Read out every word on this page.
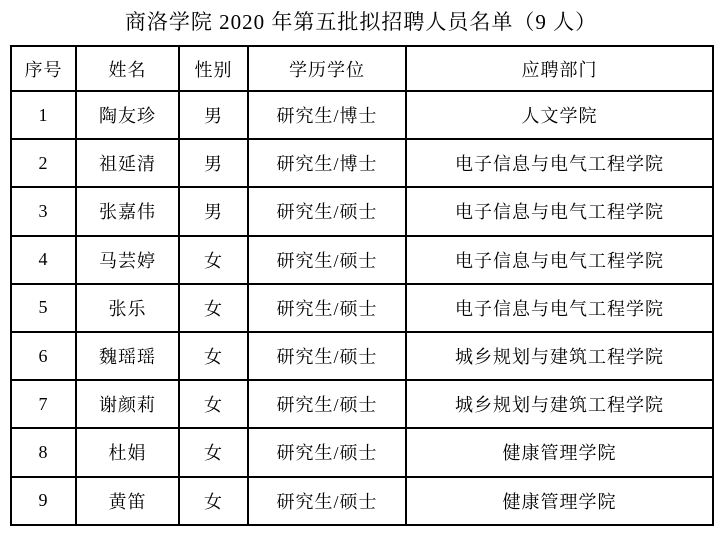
商洛学院 2020 年第五批拟招聘人员名单（9 人）
序号	姓名	性别	学历学位	应聘部门
1	陶友珍	男	研究生/博士	人文学院
2	祖延清	男	研究生/博士	电子信息与电气工程学院
3	张嘉伟	男	研究生/硕士	电子信息与电气工程学院
4	马芸婷	女	研究生/硕士	电子信息与电气工程学院
5	张乐	女	研究生/硕士	电子信息与电气工程学院
6	魏瑶瑶	女	研究生/硕士	城乡规划与建筑工程学院
7	谢颜莉	女	研究生/硕士	城乡规划与建筑工程学院
8	杜娟	女	研究生/硕士	健康管理学院
9	黄笛	女	研究生/硕士	健康管理学院
